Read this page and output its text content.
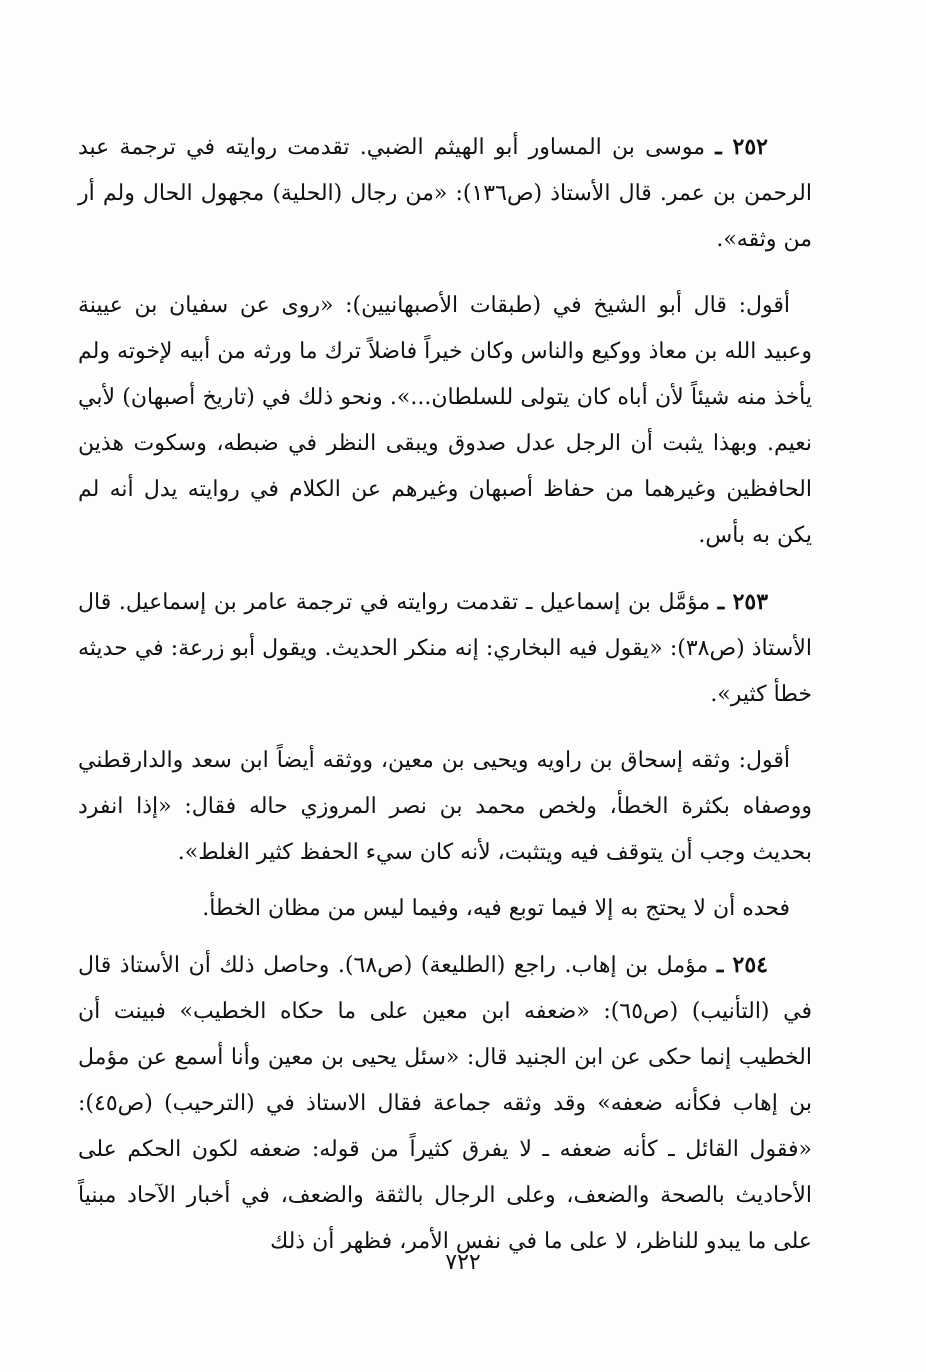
٢٥٢ ـ موسى بن المساور أبو الهيثم الضبي. تقدمت روايته في ترجمة عبد الرحمن بن عمر. قال الأستاذ (ص١٣٦): «من رجال (الحلية) مجهول الحال ولم أر من وثقه».

أقول: قال أبو الشيخ في (طبقات الأصبهانيين): «روى عن سفيان بن عيينة وعبيد الله بن معاذ ووكيع والناس وكان خيراً فاضلاً ترك ما ورثه من أبيه لإخوته ولم يأخذ منه شيئاً لأن أباه كان يتولى للسلطان...». ونحو ذلك في (تاريخ أصبهان) لأبي نعيم. وبهذا يثبت أن الرجل عدل صدوق ويبقى النظر في ضبطه، وسكوت هذين الحافظين وغيرهما من حفاظ أصبهان وغيرهم عن الكلام في روايته يدل أنه لم يكن به بأس.

٢٥٣ ـ مؤمَّل بن إسماعيل ـ تقدمت روايته في ترجمة عامر بن إسماعيل. قال الأستاذ (ص٣٨): «يقول فيه البخاري: إنه منكر الحديث. ويقول أبو زرعة: في حديثه خطأ كثير».

أقول: وثقه إسحاق بن راويه ويحيى بن معين، ووثقه أيضاً ابن سعد والدارقطني ووصفاه بكثرة الخطأ، ولخص محمد بن نصر المروزي حاله فقال: «إذا انفرد بحديث وجب أن يتوقف فيه ويتثبت، لأنه كان سيء الحفظ كثير الغلط».

فحده أن لا يحتج به إلا فيما توبع فيه، وفيما ليس من مظان الخطأ.

٢٥٤ ـ مؤمل بن إهاب. راجع (الطليعة) (ص٦٨). وحاصل ذلك أن الأستاذ قال في (التأنيب) (ص٦٥): «ضعفه ابن معين على ما حكاه الخطيب» فبينت أن الخطيب إنما حكى عن ابن الجنيد قال: «سئل يحيى بن معين وأنا أسمع عن مؤمل بن إهاب فكأنه ضعفه» وقد وثقه جماعة فقال الاستاذ في (الترحيب) (ص٤٥): «فقول القائل ـ كأنه ضعفه ـ لا يفرق كثيراً من قوله: ضعفه لكون الحكم على الأحاديث بالصحة والضعف، وعلى الرجال بالثقة والضعف، في أخبار الآحاد مبنياً على ما يبدو للناظر، لا على ما في نفس الأمر، فظهر أن ذلك

٧٢٢
